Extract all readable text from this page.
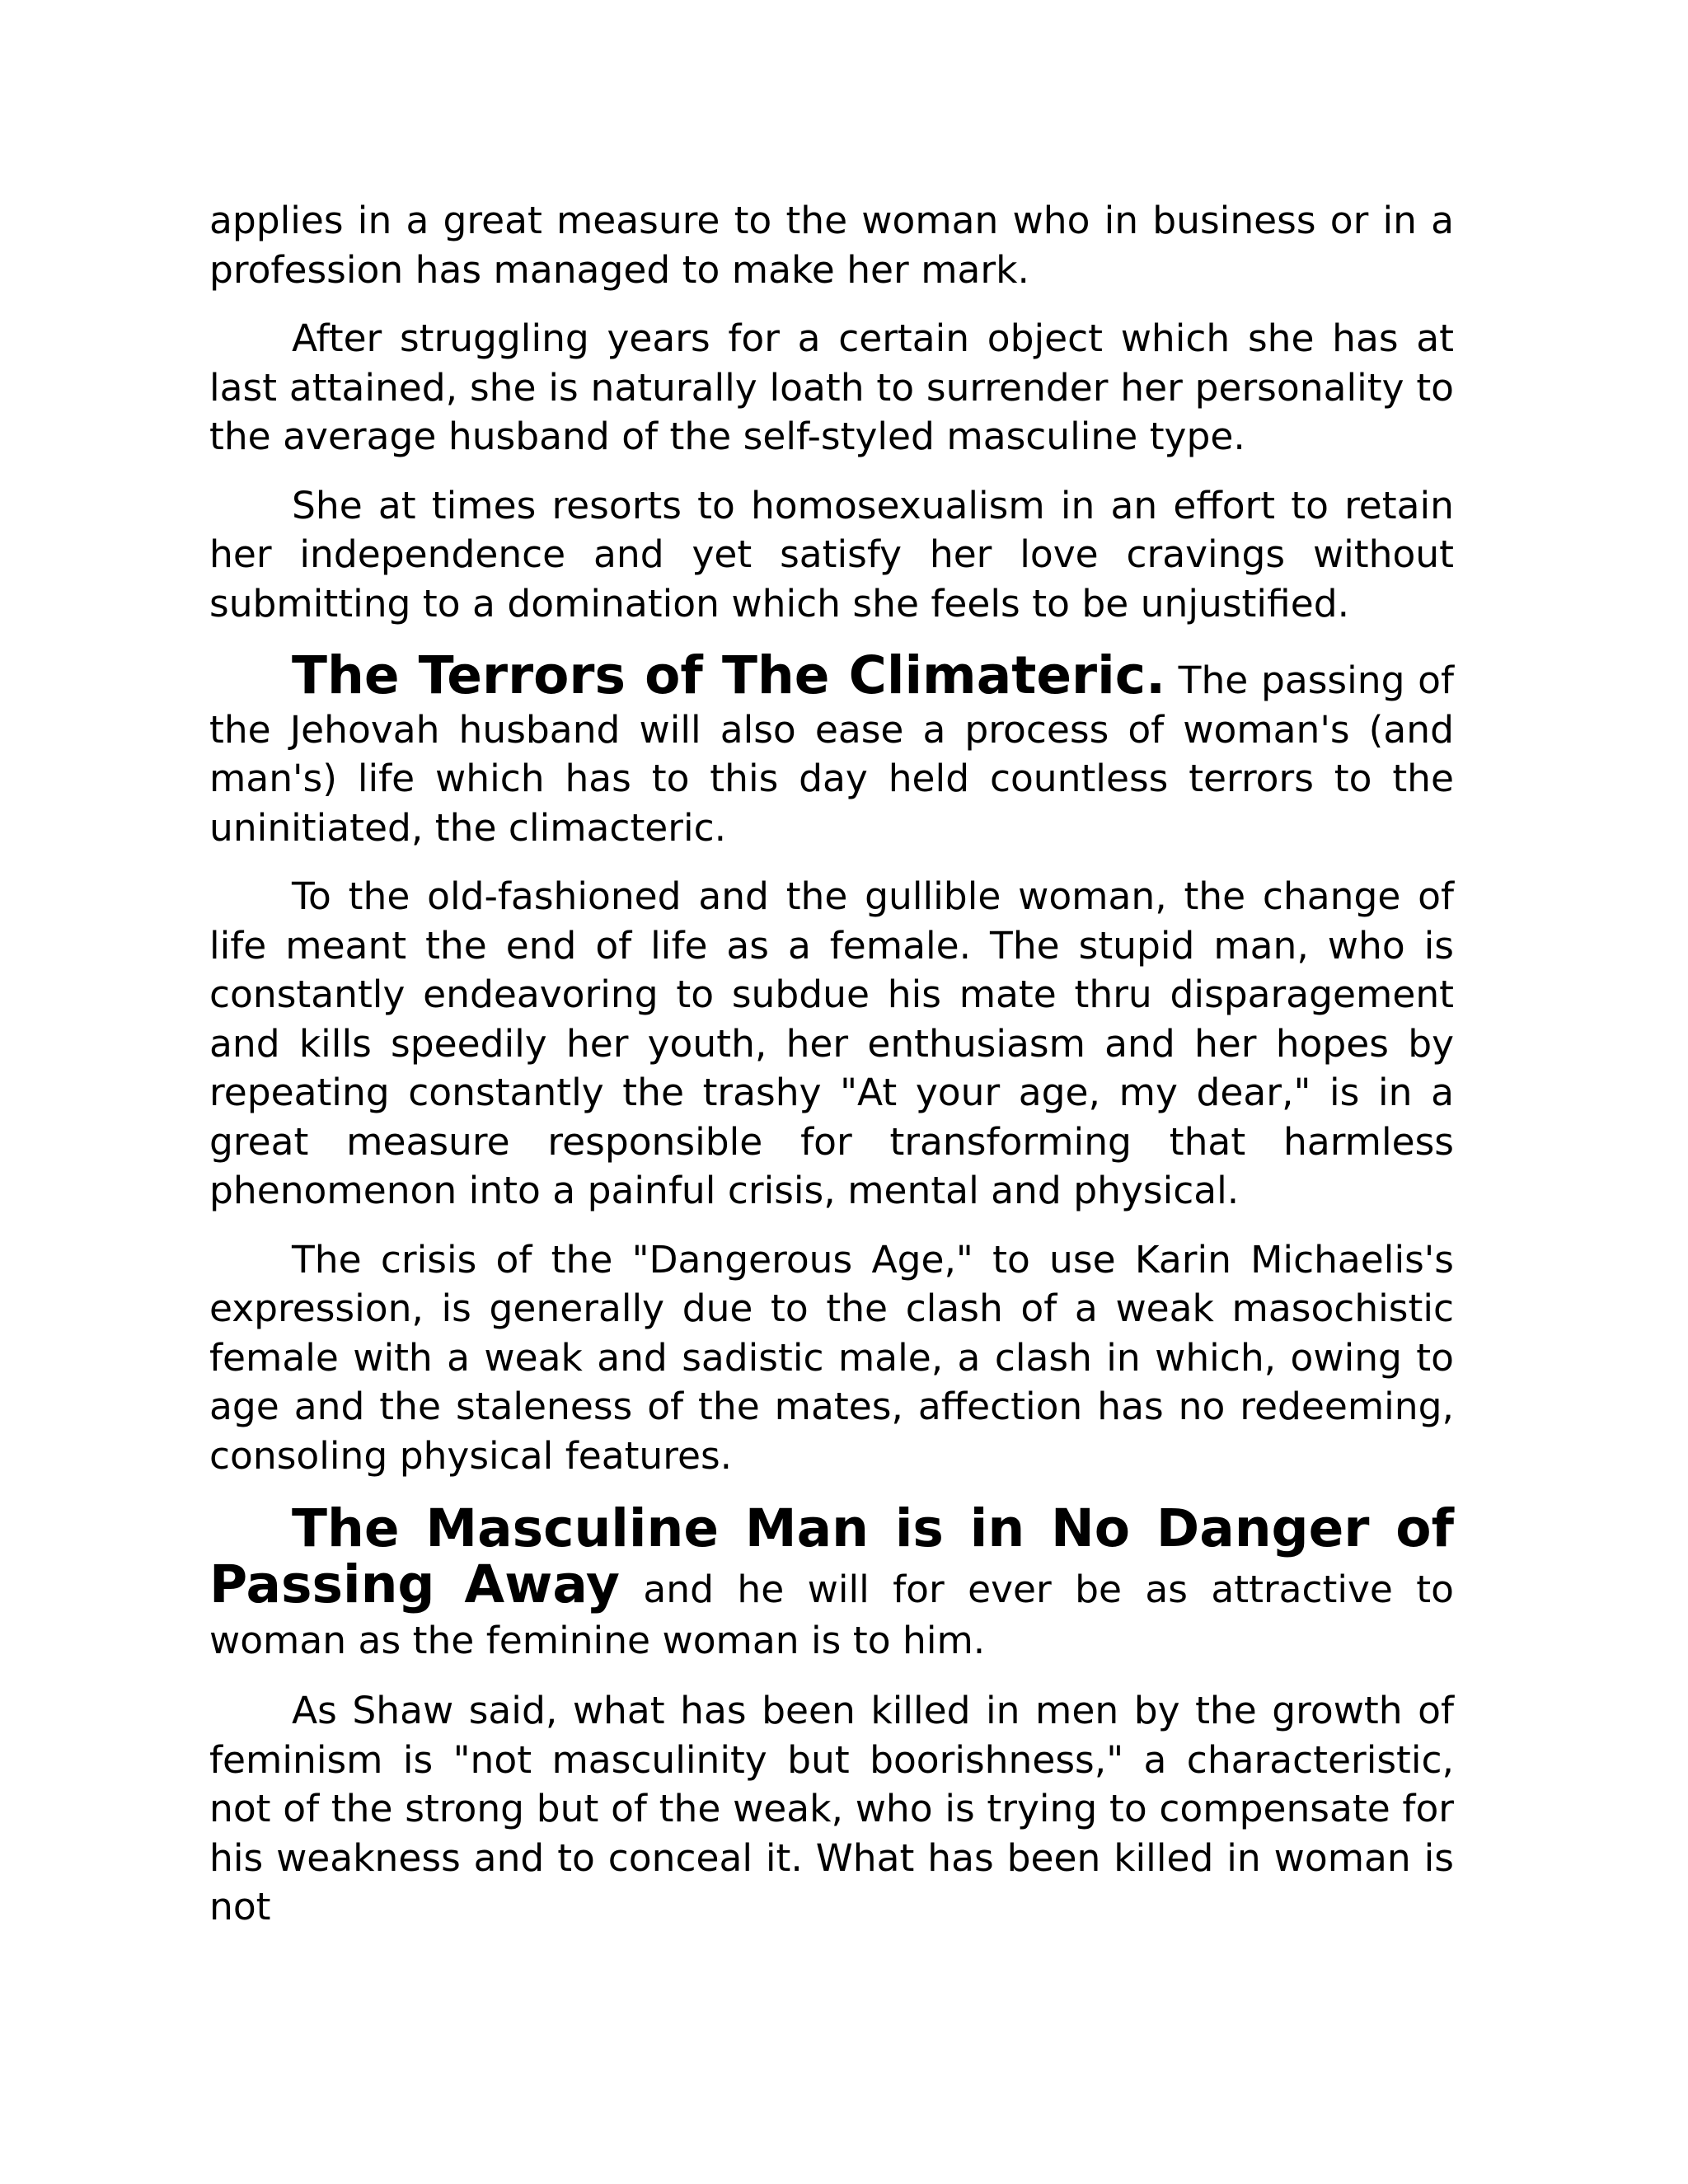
applies in a great measure to the woman who in business or in a profession has managed to make her mark.

After struggling years for a certain object which she has at last attained, she is naturally loath to surrender her personality to the average husband of the self-styled masculine type.

She at times resorts to homosexualism in an effort to retain her independence and yet satisfy her love cravings without submitting to a domination which she feels to be unjustified.

The Terrors of The Climateric. The passing of the Jehovah husband will also ease a process of woman's (and man's) life which has to this day held countless terrors to the uninitiated, the climacteric.

To the old-fashioned and the gullible woman, the change of life meant the end of life as a female. The stupid man, who is constantly endeavoring to subdue his mate thru disparagement and kills speedily her youth, her enthusiasm and her hopes by repeating constantly the trashy "At your age, my dear," is in a great measure responsible for transforming that harmless phenomenon into a painful crisis, mental and physical.

The crisis of the "Dangerous Age," to use Karin Michaelis's expression, is generally due to the clash of a weak masochistic female with a weak and sadistic male, a clash in which, owing to age and the staleness of the mates, affection has no redeeming, consoling physical features.

The Masculine Man is in No Danger of Passing Away and he will for ever be as attractive to woman as the feminine woman is to him.

As Shaw said, what has been killed in men by the growth of feminism is "not masculinity but boorishness," a characteristic, not of the strong but of the weak, who is trying to compensate for his weakness and to conceal it. What has been killed in woman is not
